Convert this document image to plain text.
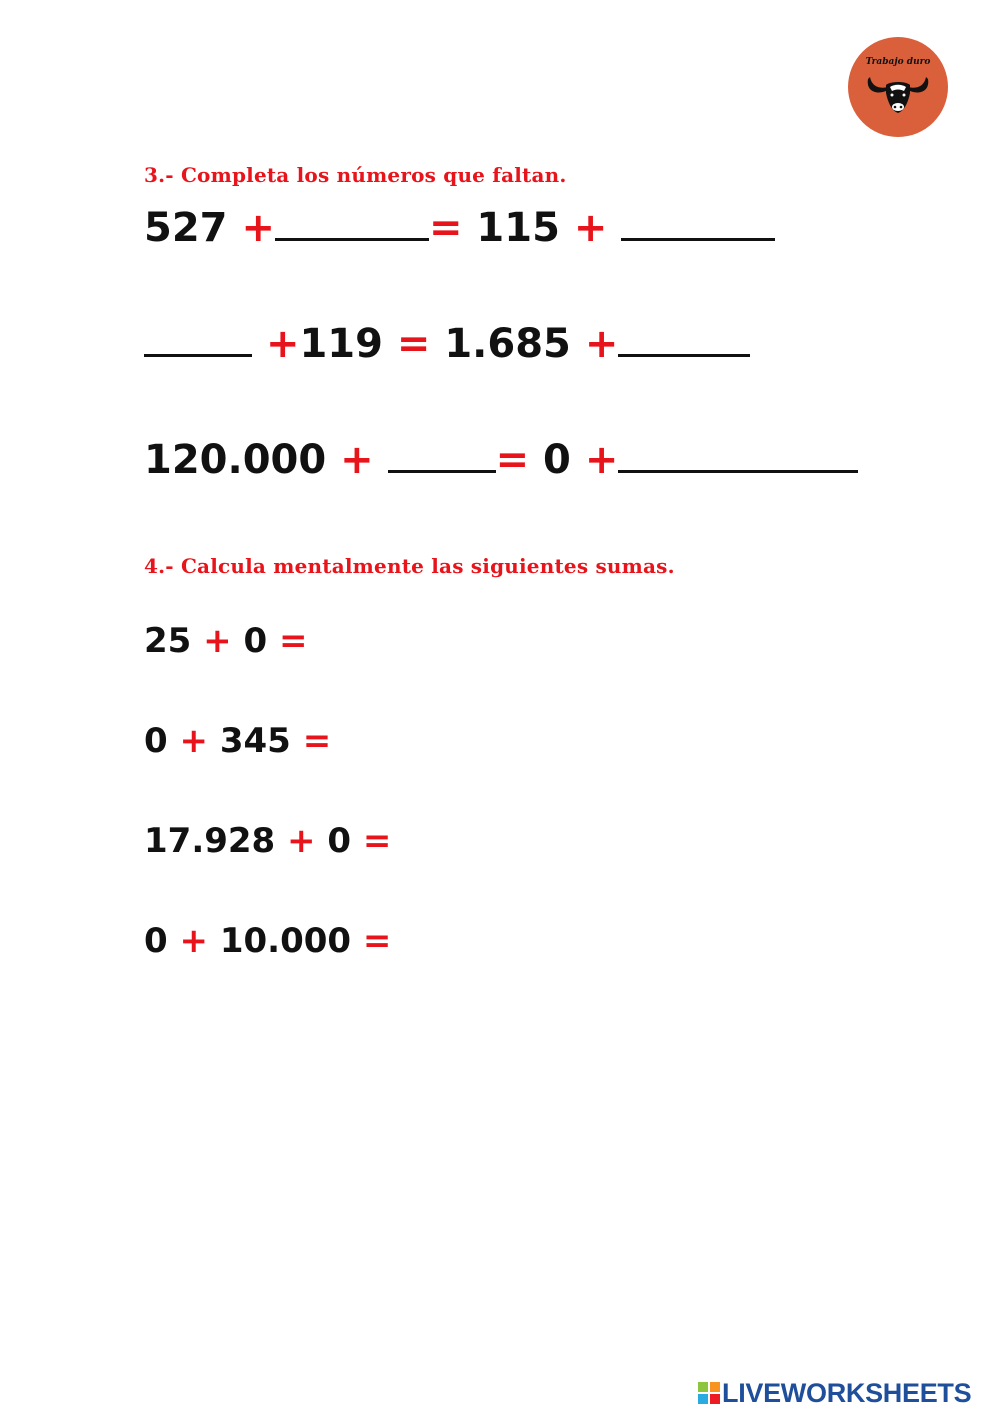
Trabajo duro
3.- Completa los números que faltan.
527 +	= 115 +
+119 = 1.685 +
120.000 +	= 0 +
4.- Calcula mentalmente las siguientes sumas.
25 + 0 =
0 + 345 =
17.928 + 0 =
0 + 10.000 =
LIVEWORKSHEETS
